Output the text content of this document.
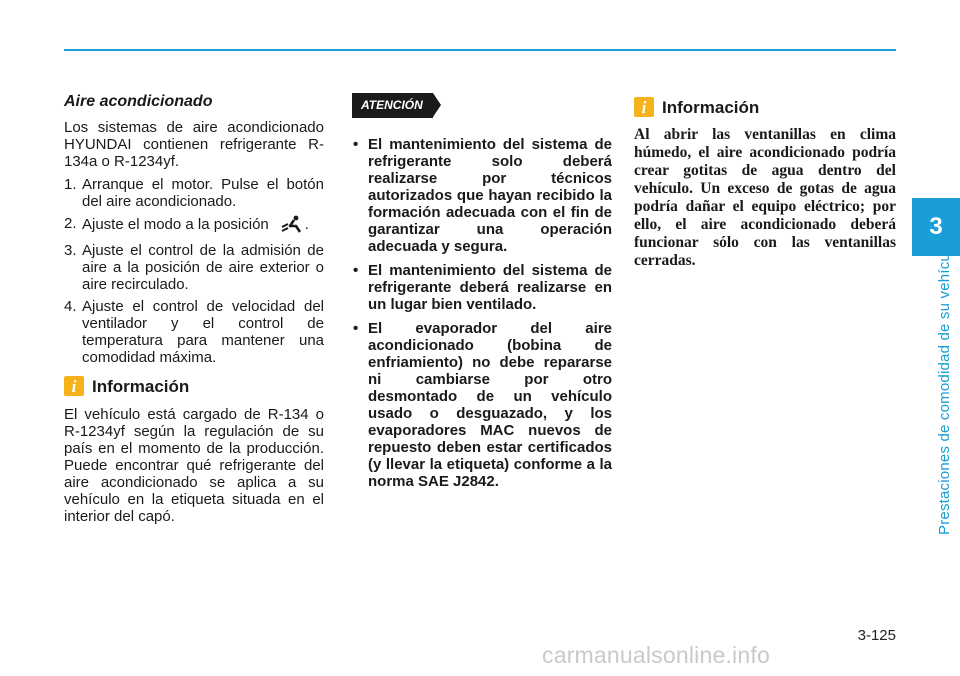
3
Prestaciones de comodidad de su vehículo
Aire acondicionado

Los sistemas de aire acondicionado HYUNDAI contienen refrigerante R-134a o R-1234yf.

1. Arranque el motor. Pulse el botón del aire acondicionado.
2. Ajuste el modo a la posición .
3. Ajuste el control de la admisión de aire a la posición de aire exterior o aire recirculado.
4. Ajuste el control de velocidad del ventilador y el control de temperatura para mantener una comodidad máxima.
i Información

El vehículo está cargado de R-134 o R-1234yf según la regulación de su país en el momento de la producción. Puede encontrar qué refrigerante del aire acondicionado se aplica a su vehículo en la etiqueta situada en el interior del capó.

ATENCIÓN
• El mantenimiento del sistema de refrigerante solo deberá realizarse por técnicos autorizados que hayan recibido la formación adecuada con el fin de garantizar una operación adecuada y segura.
• El mantenimiento del sistema de refrigerante deberá realizarse en un lugar bien ventilado.
• El evaporador del aire acondicionado (bobina de enfriamiento) no debe repararse ni cambiarse por otro desmontado de un vehículo usado o desguazado, y los evaporadores MAC nuevos de repuesto deben estar certificados (y llevar la etiqueta) conforme a la norma SAE J2842.
i Información

Al abrir las ventanillas en clima húmedo, el aire acondicionado podría crear gotitas de agua dentro del vehículo. Un exceso de gotas de agua podría dañar el equipo eléctrico; por ello, el aire acondicionado deberá funcionar sólo con las ventanillas cerradas.

3-125
carmanualsonline.info
